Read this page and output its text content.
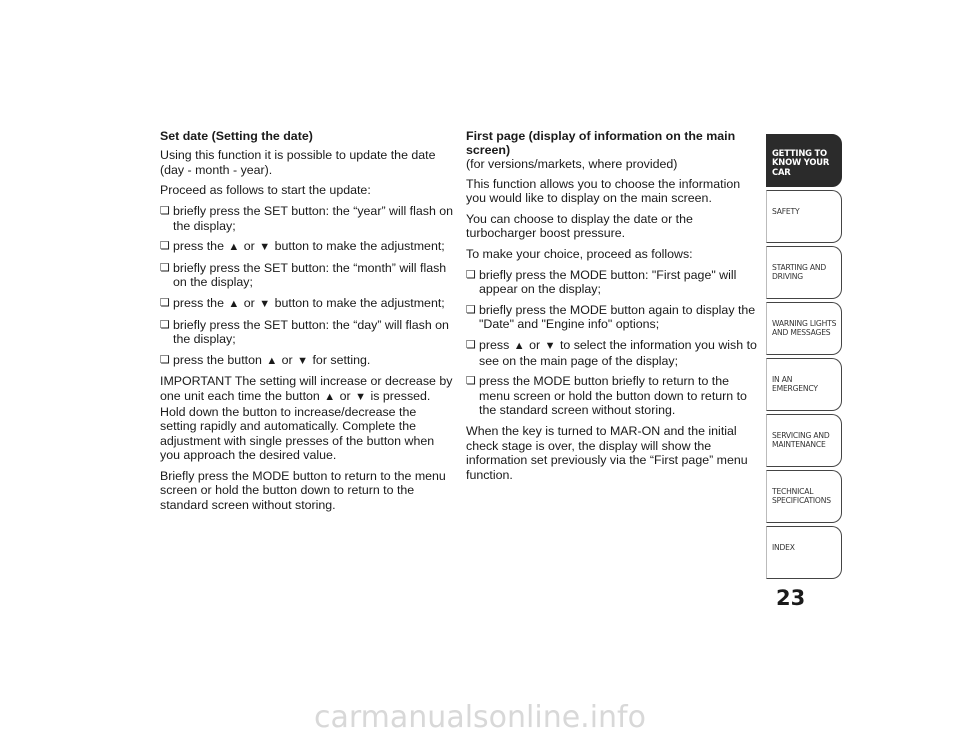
Set date (Setting the date)

Using this function it is possible to update the date (day - month - year).

Proceed as follows to start the update:

❏ briefly press the SET button: the “year” will flash on the display;

❏ press the ▲ or ▼ button to make the adjustment;

❏ briefly press the SET button: the “month” will flash on the display;

❏ press the ▲ or ▼ button to make the adjustment;

❏ briefly press the SET button: the “day” will flash on the display;

❏ press the button ▲ or ▼ for setting.

IMPORTANT The setting will increase or decrease by one unit each time the button ▲ or ▼ is pressed. Hold down the button to increase/decrease the setting rapidly and automatically. Complete the adjustment with single presses of the button when you approach the desired value.

Briefly press the MODE button to return to the menu screen or hold the button down to return to the standard screen without storing.

First page (display of information on the main screen)
(for versions/markets, where provided)

This function allows you to choose the information you would like to display on the main screen.

You can choose to display the date or the turbocharger boost pressure.

To make your choice, proceed as follows:

❏ briefly press the MODE button: "First page" will appear on the display;

❏ briefly press the MODE button again to display the "Date" and "Engine info" options;

❏ press ▲ or ▼ to select the information you wish to see on the main page of the display;

❏ press the MODE button briefly to return to the menu screen or hold the button down to return to the standard screen without storing.

When the key is turned to MAR-ON and the initial check stage is over, the display will show the information set previously via the “First page” menu function.

GETTING TO KNOW YOUR CAR
SAFETY
STARTING AND DRIVING
WARNING LIGHTS AND MESSAGES
IN AN EMERGENCY
SERVICING AND MAINTENANCE
TECHNICAL SPECIFICATIONS
INDEX
23
carmanualsonline.info
